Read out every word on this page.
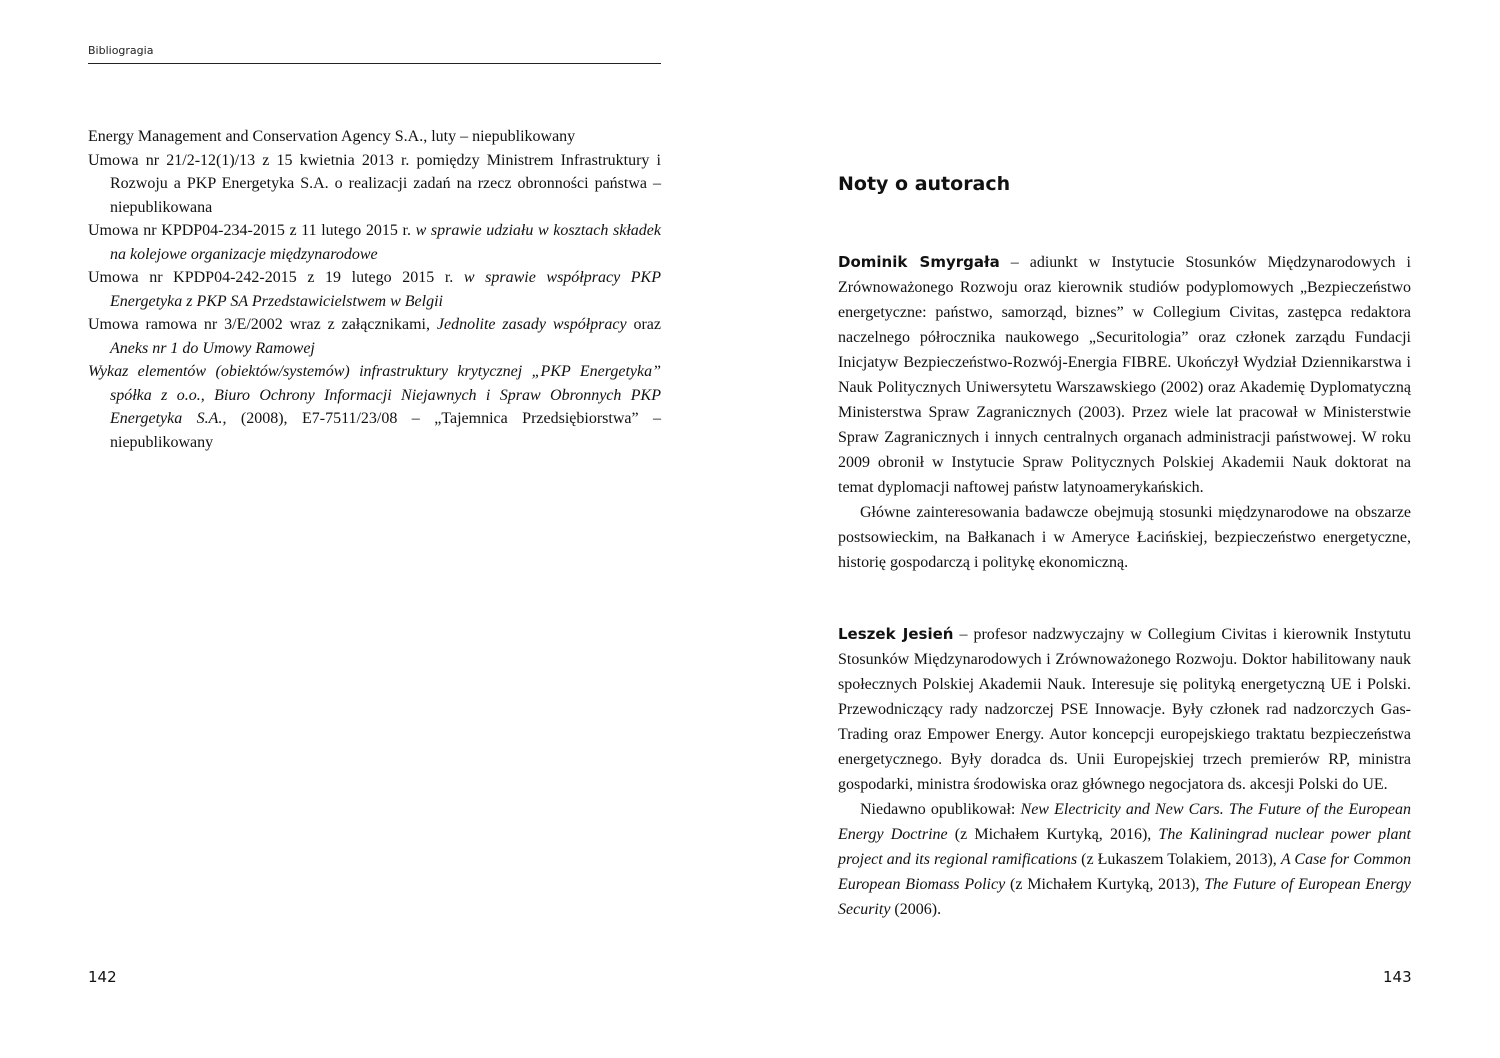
Bibliogragia
Energy Management and Conservation Agency S.A., luty – niepublikowany
Umowa nr 21/2-12(1)/13 z 15 kwietnia 2013 r. pomiędzy Ministrem Infrastruktury i Rozwoju a PKP Energetyka S.A. o realizacji zadań na rzecz obronności państwa – niepublikowana
Umowa nr KPDP04-234-2015 z 11 lutego 2015 r. w sprawie udziału w kosztach składek na kolejowe organizacje międzynarodowe
Umowa nr KPDP04-242-2015 z 19 lutego 2015 r. w sprawie współpracy PKP Energetyka z PKP SA Przedstawicielstwem w Belgii
Umowa ramowa nr 3/E/2002 wraz z załącznikami, Jednolite zasady współpracy oraz Aneks nr 1 do Umowy Ramowej
Wykaz elementów (obiektów/systemów) infrastruktury krytycznej „PKP Energetyka” spółka z o.o., Biuro Ochrony Informacji Niejawnych i Spraw Obronnych PKP Energetyka S.A., (2008), E7-7511/23/08 – „Tajemnica Przedsiębiorstwa” – niepublikowany
142
Noty o autorach

Dominik Smyrgała – adiunkt w Instytucie Stosunków Międzynarodowych i Zrównoważonego Rozwoju oraz kierownik studiów podyplomowych „Bezpieczeństwo energetyczne: państwo, samorząd, biznes” w Collegium Civitas, zastępca redaktora naczelnego półrocznika naukowego „Securitologia” oraz członek zarządu Fundacji Inicjatyw Bezpieczeństwo-Rozwój-Energia FIBRE. Ukończył Wydział Dziennikarstwa i Nauk Politycznych Uniwersytetu Warszawskiego (2002) oraz Akademię Dyplomatyczną Ministerstwa Spraw Zagranicznych (2003). Przez wiele lat pracował w Ministerstwie Spraw Zagranicznych i innych centralnych organach administracji państwowej. W roku 2009 obronił w Instytucie Spraw Politycznych Polskiej Akademii Nauk doktorat na temat dyplomacji naftowej państw latynoamerykańskich.

Główne zainteresowania badawcze obejmują stosunki międzynarodowe na obszarze postsowieckim, na Bałkanach i w Ameryce Łacińskiej, bezpieczeństwo energetyczne, historię gospodarczą i politykę ekonomiczną.

Leszek Jesień – profesor nadzwyczajny w Collegium Civitas i kierownik Instytutu Stosunków Międzynarodowych i Zrównoważonego Rozwoju. Doktor habilitowany nauk społecznych Polskiej Akademii Nauk. Interesuje się polityką energetyczną UE i Polski. Przewodniczący rady nadzorczej PSE Innowacje. Były członek rad nadzorczych Gas-Trading oraz Empower Energy. Autor koncepcji europejskiego traktatu bezpieczeństwa energetycznego. Były doradca ds. Unii Europejskiej trzech premierów RP, ministra gospodarki, ministra środowiska oraz głównego negocjatora ds. akcesji Polski do UE.

Niedawno opublikował: New Electricity and New Cars. The Future of the European Energy Doctrine (z Michałem Kurtyką, 2016), The Kaliningrad nuclear power plant project and its regional ramifications (z Łukaszem Tolakiem, 2013), A Case for Common European Biomass Policy (z Michałem Kurtyką, 2013), The Future of European Energy Security (2006).

143
